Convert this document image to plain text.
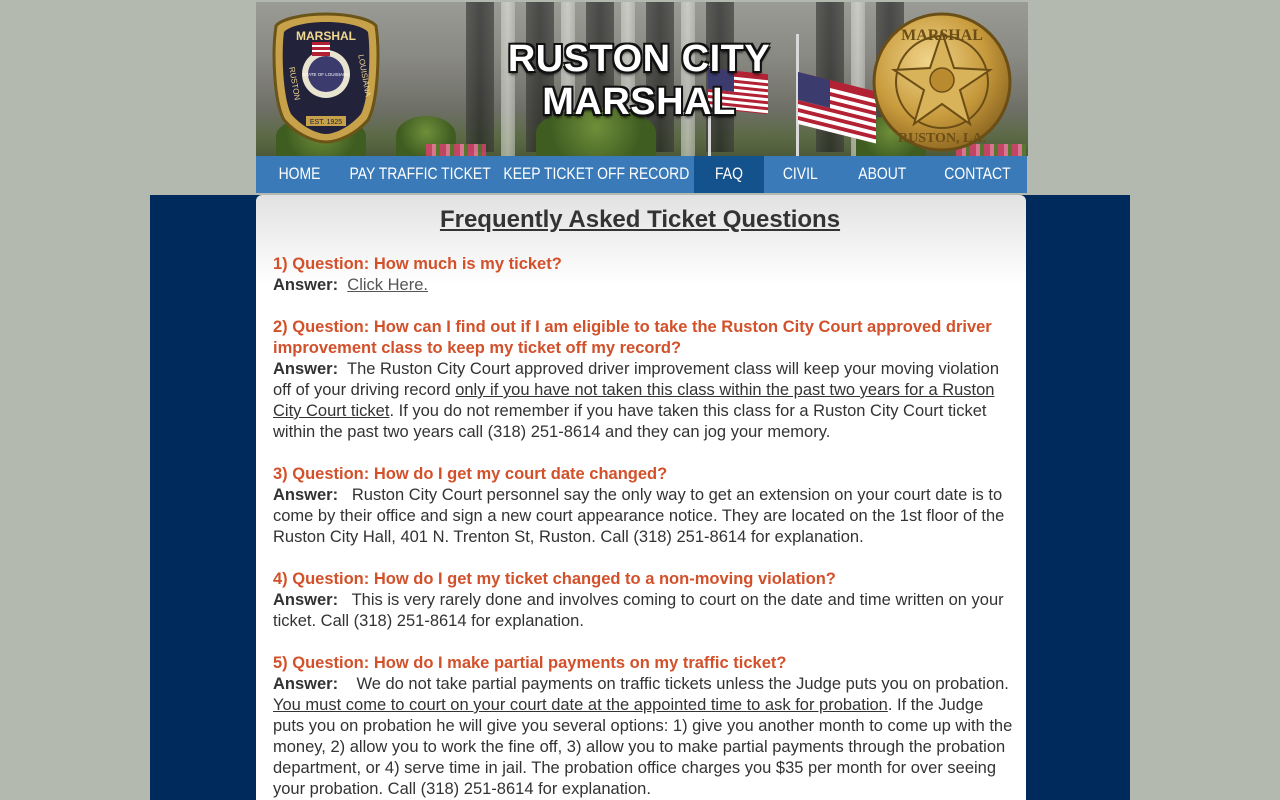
MARSHAL
STATE OF LOUISIANA
RUSTON	LOUISIANA
EST. 1925
RUSTON CITY MARSHAL
MARSHAL
RUSTON, LA.
HOME PAY TRAFFIC TICKET KEEP TICKET OFF RECORD FAQ CIVIL ABOUT CONTACT
Frequently Asked Ticket Questions
1) Question: How much is my ticket?
Answer: Click Here.
2) Question: How can I find out if I am eligible to take the Ruston City Court approved driver improvement class to keep my ticket off my record?
Answer: The Ruston City Court approved driver improvement class will keep your moving violation off of your driving record only if you have not taken this class within the past two years for a Ruston City Court ticket. If you do not remember if you have taken this class for a Ruston City Court ticket within the past two years call (318) 251-8614 and they can jog your memory.
3) Question: How do I get my court date changed?
Answer: Ruston City Court personnel say the only way to get an extension on your court date is to come by their office and sign a new court appearance notice. They are located on the 1st floor of the Ruston City Hall, 401 N. Trenton St, Ruston. Call (318) 251-8614 for explanation.
4) Question: How do I get my ticket changed to a non-moving violation?
Answer: This is very rarely done and involves coming to court on the date and time written on your ticket. Call (318) 251-8614 for explanation.
5) Question: How do I make partial payments on my traffic ticket?
Answer: We do not take partial payments on traffic tickets unless the Judge puts you on probation. You must come to court on your court date at the appointed time to ask for probation. If the Judge puts you on probation he will give you several options: 1) give you another month to come up with the money, 2) allow you to work the fine off, 3) allow you to make partial payments through the probation department, or 4) serve time in jail. The probation office charges you $35 per month for over seeing your probation. Call (318) 251-8614 for explanation.
